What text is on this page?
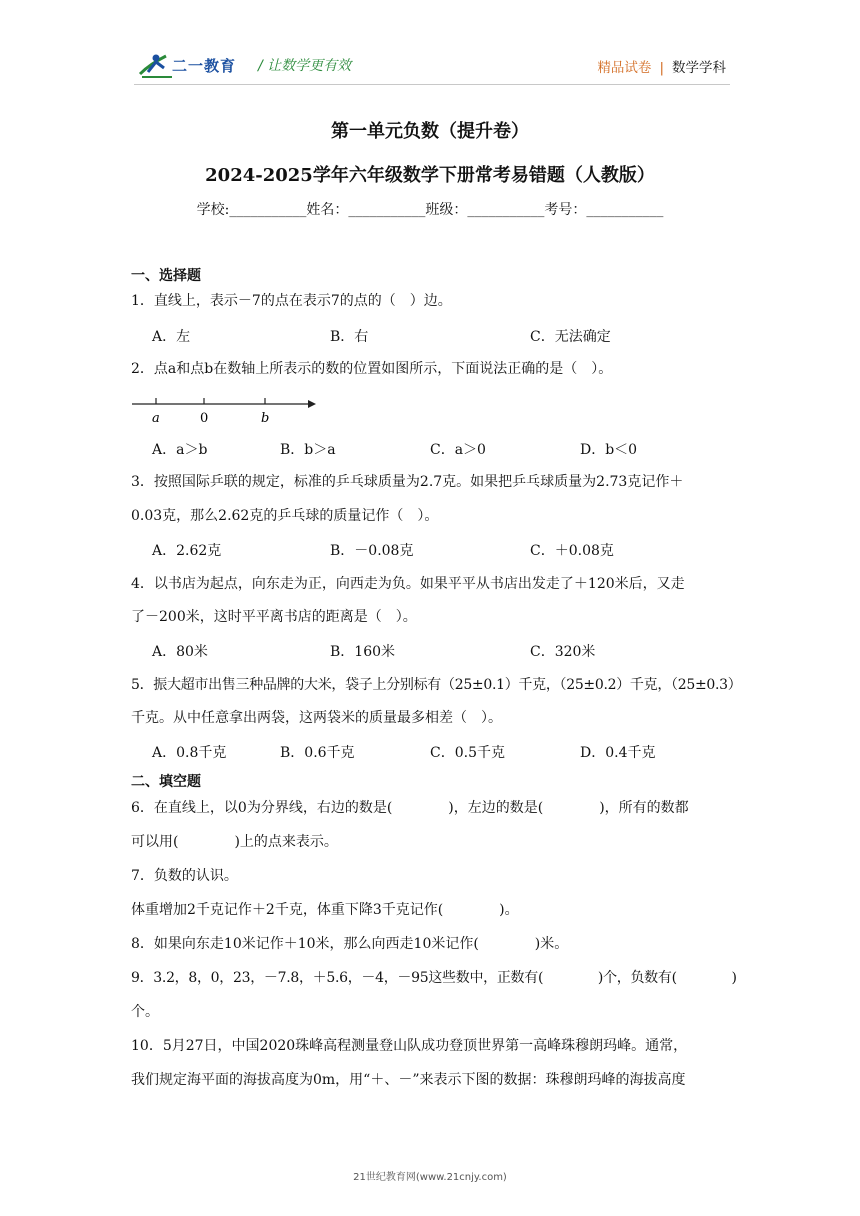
二一教育 / 让数学更有效	精品试卷 | 数学学科
第一单元负数（提升卷）
2024-2025学年六年级数学下册常考易错题（人教版）
学校:___________姓名：___________班级：___________考号：___________
一、选择题
1．直线上，表示－7的点在表示7的点的（　）边。
A．左	B．右	C．无法确定
2．点a和点b在数轴上所表示的数的位置如图所示，下面说法正确的是（　）。
a	0	b
A．a＞b	B．b＞a	C．a＞0	D．b＜0
3．按照国际乒联的规定，标准的乒乓球质量为2.7克。如果把乒乓球质量为2.73克记作＋
0.03克，那么2.62克的乒乓球的质量记作（　）。
A．2.62克	B．－0.08克	C．＋0.08克
4．以书店为起点，向东走为正，向西走为负。如果平平从书店出发走了＋120米后，又走
了－200米，这时平平离书店的距离是（　）。
A．80米	B．160米	C．320米
5．振大超市出售三种品牌的大米，袋子上分别标有（25±0.1）千克，（25±0.2）千克，（25±0.3）
千克。从中任意拿出两袋，这两袋米的质量最多相差（　）。
A．0.8千克	B．0.6千克	C．0.5千克	D．0.4千克
二、填空题
6．在直线上，以0为分界线，右边的数是(　　　　)，左边的数是(　　　　)，所有的数都
可以用(　　　　)上的点来表示。
7．负数的认识。
体重增加2千克记作＋2千克，体重下降3千克记作(　　　　)。
8．如果向东走10米记作＋10米，那么向西走10米记作(　　　　)米。
9．3.2，8，0，23，－7.8，＋5.6，－4，－95这些数中，正数有(　　　　)个，负数有(　　　　)
个。
10．5月27日，中国2020珠峰高程测量登山队成功登顶世界第一高峰珠穆朗玛峰。通常，
我们规定海平面的海拔高度为0m，用“＋、－”来表示下图的数据：珠穆朗玛峰的海拔高度
21世纪教育网(www.21cnjy.com)
